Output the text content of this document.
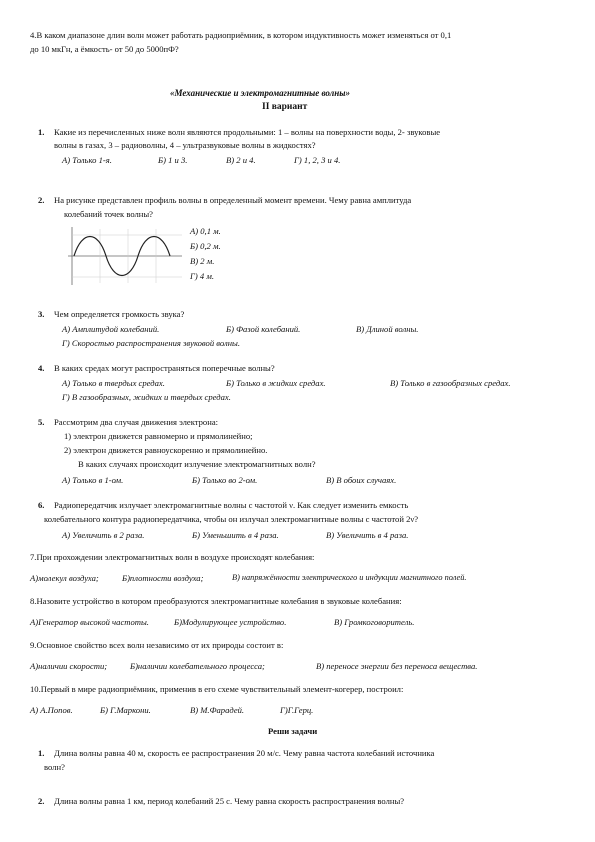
4.В каком диапазоне длин волн может работать радиоприёмник, в котором индуктивность может изменяться от 0,1
до 10 мкГн, а ёмкость- от 50 до 5000пФ?
«Механические и электромагнитные волны»
II вариант
1. Какие из перечисленных ниже волн являются продольными: 1 – волны на поверхности воды, 2- звуковые
волны в газах, 3 – радиоволны, 4 – ультразвуковые волны в жидкостях?
А) Только 1-я.	Б) 1 и 3.	В) 2 и 4.	Г) 1, 2, 3 и 4.
2. На рисунке представлен профиль волны в определенный момент времени. Чему равна амплитуда
колебаний точек волны?
А) 0,1 м.
Б) 0,2 м.
В) 2 м.
Г) 4 м.
3. Чем определяется громкость звука?
А) Амплитудой колебаний.	Б) Фазой колебаний.	В) Длиной волны.
Г) Скоростью распространения звуковой волны.
4. В каких средах могут распространяться поперечные волны?
А) Только в твердых средах.	Б) Только в жидких средах.	В) Только в газообразных средах.
Г) В газообразных, жидких и твердых средах.
5. Рассмотрим два случая движения электрона:
1) электрон движется равномерно и прямолинейно;
2) электрон движется равноускоренно и прямолинейно.
В каких случаях происходит излучение электромагнитных волн?
А) Только в 1-ом.	Б) Только во 2-ом.	В) В обоих случаях.
6. Радиопередатчик излучает электромагнитные волны с частотой ν. Как следует изменить емкость
колебательного контура радиопередатчика, чтобы он излучал электромагнитные волны с частотой 2ν?
А) Увеличить в 2 раза.	Б) Уменьшить в 4 раза.	В) Увеличить в 4 раза.
7.При прохождении электромагнитных волн в воздухе происходят колебания:
А)молекул воздуха;	Б)плотности воздуха;	В) напряжённости электрического и индукции магнитного полей.
8.Назовите устройство в котором преобразуются электромагнитные колебания в звуковые колебания:
А)Генератор высокой частоты.	Б)Модулирующее устройство.	В) Громкоговоритель.
9.Основное свойство всех волн независимо от их природы состоит в:
А)наличии скорости;	Б)наличии колебательного процесса;	В) переносе энергии без переноса вещества.
10.Первый в мире радиоприёмник, применив в его схеме чувствительный элемент-когерер, построил:
А) А.Попов.	Б) Г.Маркони.	В) М.Фарадей.	Г)Г.Герц.
Реши задачи
1. Длина волны равна 40 м, скорость ее распространения 20 м/с. Чему равна частота колебаний источника
волн?
2. Длина волны равна 1 км, период колебаний 25 с. Чему равна скорость распространения волны?
